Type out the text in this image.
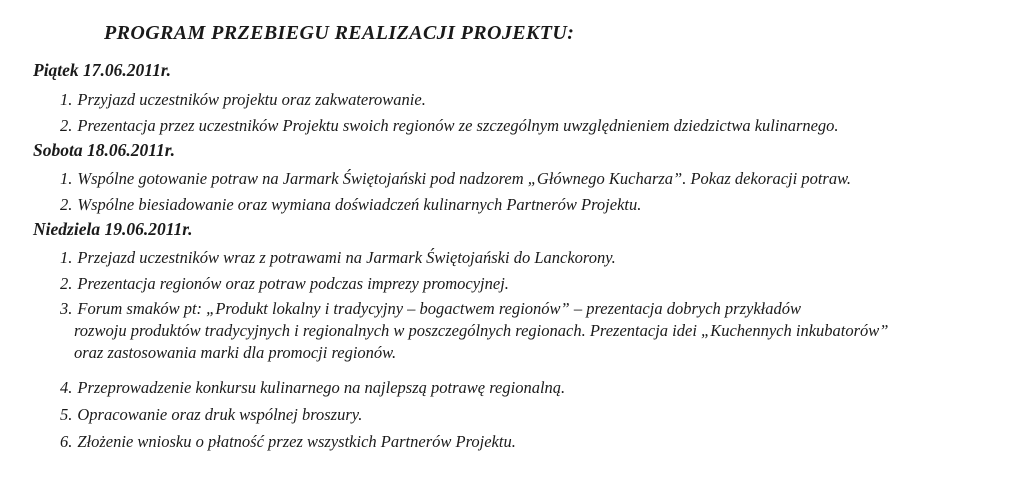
PROGRAM PRZEBIEGU REALIZACJI PROJEKTU:
Piątek 17.06.2011r.
1. Przyjazd uczestników projektu oraz zakwaterowanie.
2. Prezentacja przez uczestników Projektu swoich regionów ze szczególnym uwzględnieniem dziedzictwa kulinarnego.
Sobota 18.06.2011r.
1. Wspólne gotowanie potraw na Jarmark Świętojański pod nadzorem „Głównego Kucharza”. Pokaz dekoracji potraw.
2. Wspólne biesiadowanie oraz wymiana doświadczeń kulinarnych Partnerów Projektu.
Niedziela 19.06.2011r.
1. Przejazd uczestników wraz z potrawami na Jarmark Świętojański do Lanckorony.
2. Prezentacja regionów oraz potraw podczas imprezy promocyjnej.
3. Forum smaków pt: „Produkt lokalny i tradycyjny – bogactwem regionów” – prezentacja dobrych przykładów
rozwoju produktów tradycyjnych i regionalnych w poszczególnych regionach. Prezentacja idei „Kuchennych inkubatorów”
oraz zastosowania marki dla promocji regionów.
4. Przeprowadzenie konkursu kulinarnego na najlepszą potrawę regionalną.
5. Opracowanie oraz druk wspólnej broszury.
6. Złożenie wniosku o płatność przez wszystkich Partnerów Projektu.
